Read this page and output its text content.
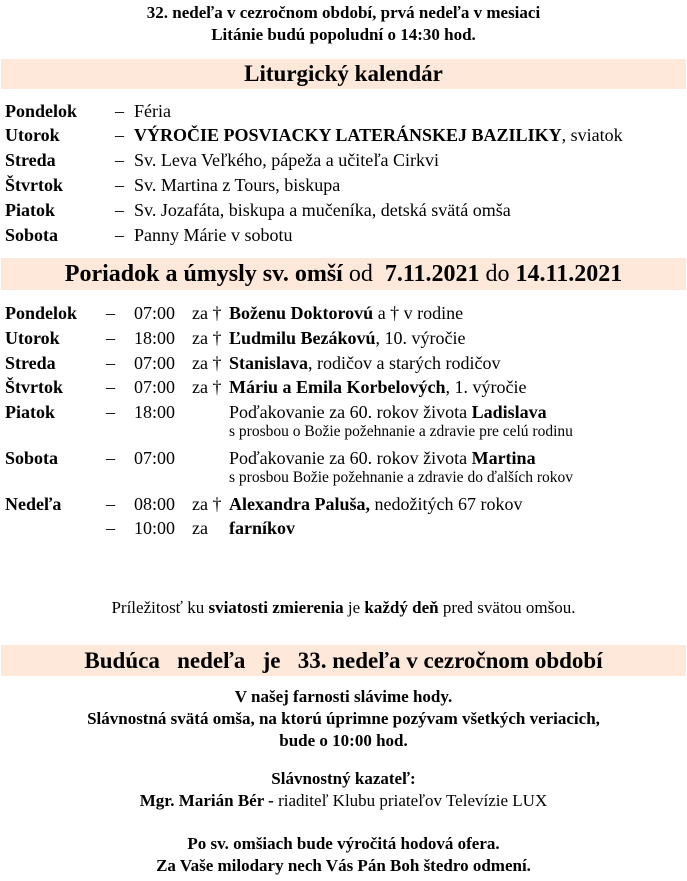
32. nedeľa v cezročnom období, prvá nedeľa v mesiaci
Litánie budú popoludní o 14:30 hod.
Liturgický kalendár
Pondelok – Féria
Utorok	– VÝROČIE POSVIACKY LATERÁNSKEJ BAZILIKY, sviatok
Streda	– Sv. Leva Veľkého, pápeža a učiteľa Cirkvi
Štvrtok	– Sv. Martina z Tours, biskupa
Piatok	– Sv. Jozafáta, biskupa a mučeníka, detská svätá omša
Sobota	– Panny Márie v sobotu
Poriadok a úmysly sv. omší od 7.11.2021 do 14.11.2021
Pondelok – 07:00 za † Boženu Doktorovú a † v rodine
Utorok	– 18:00 za † Ľudmilu Bezákovú, 10. výročie
Streda	– 07:00 za † Stanislava, rodičov a starých rodičov
Štvrtok – 07:00 za † Máriu a Emila Korbelových, 1. výročie
Piatok	– 18:00	Poďakovanie za 60. rokov života Ladislava
s prosbou o Božie požehnanie a zdravie pre celú rodinu
Sobota	– 07:00	Poďakovanie za 60. rokov života Martina
s prosbou Božie požehnanie a zdravie do ďalších rokov
Nedeľa – 08:00 za † Alexandra Paluša, nedožitých 67 rokov
– 10:00 za farníkov
Príležitosť ku sviatosti zmierenia je každý deň pred svätou omšou.
Budúca   nedeľa   je   33. nedeľa v cezročnom období
V našej farnosti slávime hody.
Slávnostná svätá omša, na ktorú úprimne pozývam všetkých veriacich,
bude o 10:00 hod.
Slávnostný kazateľ:
Mgr. Marián Bér - riaditeľ Klubu priateľov Televízie LUX
Po sv. omšiach bude výročitá hodová ofera.
Za Vaše milodary nech Vás Pán Boh štedro odmení.
